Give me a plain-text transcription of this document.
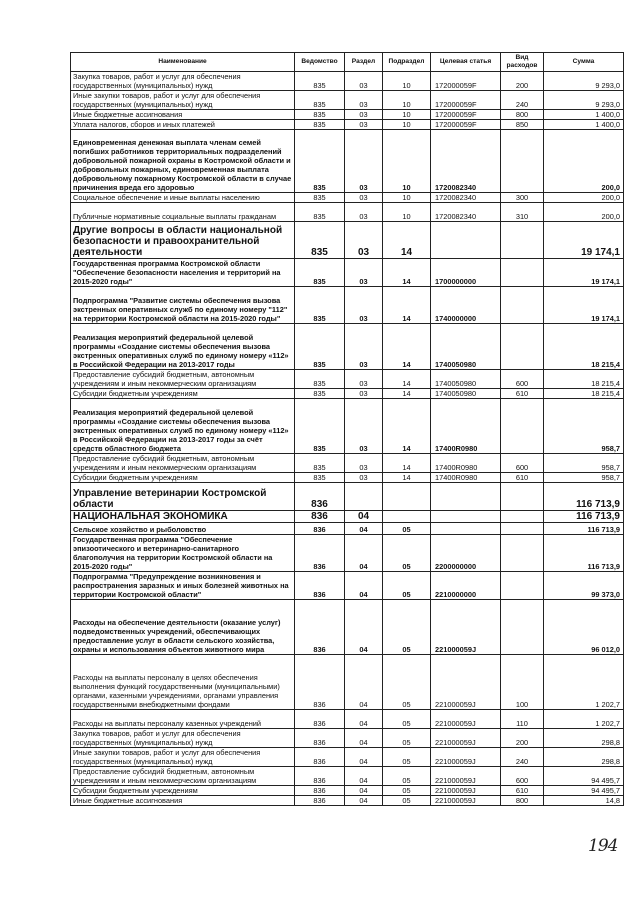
Наименование	Ведомство	Раздел	Подраздел	Целевая статья	Вид расходов	Сумма
Закупка товаров, работ и услуг для обеспечения государственных (муниципальных) нужд	835	03	10	172000059F	200	9 293,0
Иные закупки товаров, работ и услуг для обеспечения государственных (муниципальных) нужд	835	03	10	172000059F	240	9 293,0
Иные бюджетные ассигнования	835	03	10	172000059F	800	1 400,0
Уплата налогов, сборов и иных платежей	835	03	10	172000059F	850	1 400,0
Единовременная денежная выплата членам семей погибших работников территориальных подразделений добровольной пожарной охраны в Костромской области и добровольных пожарных, единовременная выплата добровольному пожарному Костромской области в случае причинения вреда его здоровью	835	03	10	1720082340		200,0
Социальное обеспечение и иные выплаты населению	835	03	10	1720082340	300	200,0
Публичные нормативные социальные выплаты гражданам	835	03	10	1720082340	310	200,0
Другие вопросы в области национальной безопасности и правоохранительной деятельности	835	03	14			19 174,1
Государственная программа Костромской области "Обеспечение безопасности населения и территорий на 2015-2020 годы"	835	03	14	1700000000		19 174,1
Подпрограмма "Развитие системы обеспечения вызова экстренных оперативных служб по единому номеру "112" на территории Костромской области на 2015-2020 годы"	835	03	14	1740000000		19 174,1
Реализация мероприятий федеральной целевой программы «Создание системы обеспечения вызова экстренных оперативных служб по единому номеру «112» в Российской Федерации на 2013-2017 годы	835	03	14	1740050980		18 215,4
Предоставление субсидий бюджетным, автономным учреждениям и иным некоммерческим организациям	835	03	14	1740050980	600	18 215,4
Субсидии бюджетным учреждениям	835	03	14	1740050980	610	18 215,4
Реализация мероприятий федеральной целевой программы «Создание системы обеспечения вызова экстренных оперативных служб по единому номеру «112» в Российской Федерации на 2013-2017 годы за счёт средств областного бюджета	835	03	14	17400R0980		958,7
Предоставление субсидий бюджетным, автономным учреждениям и иным некоммерческим организациям	835	03	14	17400R0980	600	958,7
Субсидии бюджетным учреждениям	835	03	14	17400R0980	610	958,7
Управление ветеринарии Костромской области	836					116 713,9
НАЦИОНАЛЬНАЯ ЭКОНОМИКА	836	04				116 713,9
Сельское хозяйство и рыболовство	836	04	05			116 713,9
Государственная программа "Обеспечение эпизоотического и ветеринарно-санитарного благополучия на территории Костромской области на 2015-2020 годы"	836	04	05	2200000000		116 713,9
Подпрограмма "Предупреждение возникновения и распространения заразных и иных болезней животных на территории Костромской области"	836	04	05	2210000000		99 373,0
Расходы на обеспечение деятельности (оказание услуг) подведомственных учреждений, обеспечивающих предоставление услуг в области сельского хозяйства, охраны и использования объектов животного мира	836	04	05	221000059J		96 012,0
Расходы на выплаты персоналу в целях обеспечения выполнения функций государственными (муниципальными) органами, казенными учреждениями, органами управления государственными внебюджетными фондами	836	04	05	221000059J	100	1 202,7
Расходы на выплаты персоналу казенных учреждений	836	04	05	221000059J	110	1 202,7
Закупка товаров, работ и услуг для обеспечения государственных (муниципальных) нужд	836	04	05	221000059J	200	298,8
Иные закупки товаров, работ и услуг для обеспечения государственных (муниципальных) нужд	836	04	05	221000059J	240	298,8
Предоставление субсидий бюджетным, автономным учреждениям и иным некоммерческим организациям	836	04	05	221000059J	600	94 495,7
Субсидии бюджетным учреждениям	836	04	05	221000059J	610	94 495,7
Иные бюджетные ассигнования	836	04	05	221000059J	800	14,8
194
